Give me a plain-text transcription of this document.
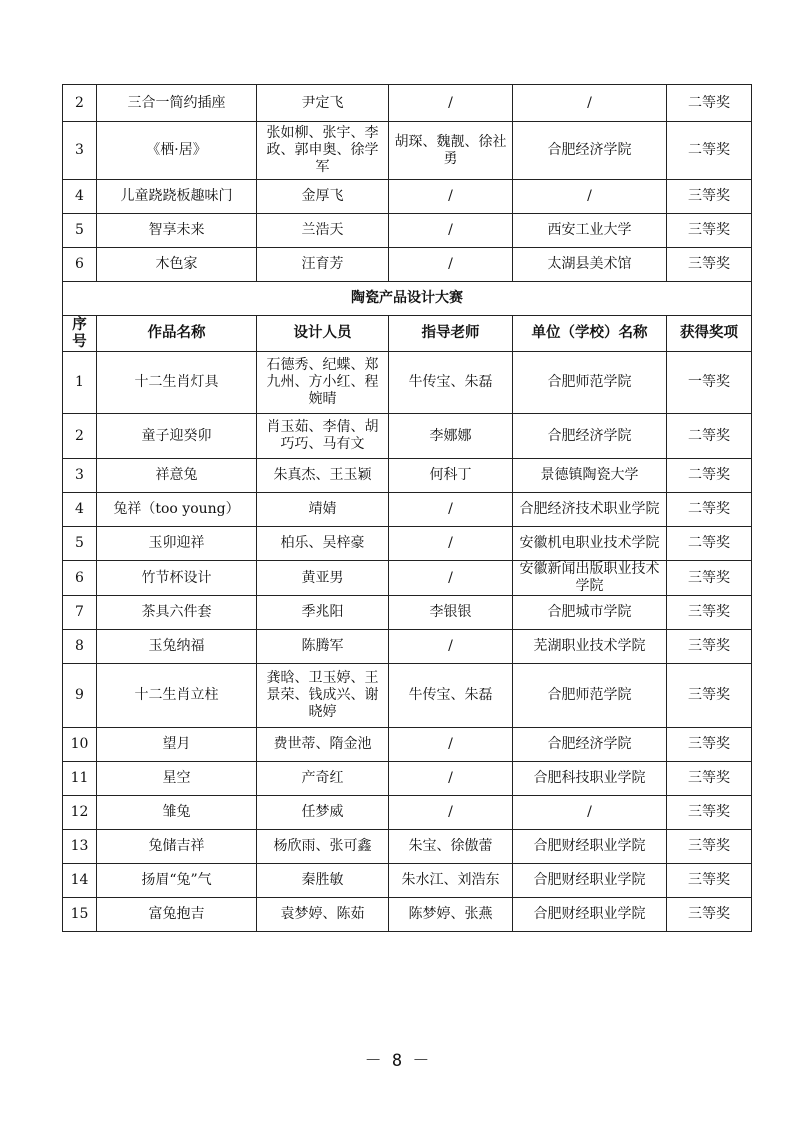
2	三合一简约插座	尹定飞	/	/	二等奖
3	《栖·居》	张如柳、张宇、李政、郭申奥、徐学军	胡琛、魏靓、徐社勇	合肥经济学院	二等奖
4	儿童跷跷板趣味门	金厚飞	/	/	三等奖
5	智享未来	兰浩天	/	西安工业大学	三等奖
6	木色家	汪育芳	/	太湖县美术馆	三等奖
陶瓷产品设计大赛					
序号	作品名称	设计人员	指导老师	单位（学校）名称	获得奖项
1	十二生肖灯具	石德秀、纪蝶、郑九州、方小红、程婉晴	牛传宝、朱磊	合肥师范学院	一等奖
2	童子迎癸卯	肖玉茹、李倩、胡巧巧、马有文	李娜娜	合肥经济学院	二等奖
3	祥意兔	朱真杰、王玉颖	何科丁	景德镇陶瓷大学	二等奖
4	兔祥（too young）	靖婧	/	合肥经济技术职业学院	二等奖
5	玉卯迎祥	柏乐、吴梓豪	/	安徽机电职业技术学院	二等奖
6	竹节杯设计	黄亚男	/	安徽新闻出版职业技术学院	三等奖
7	茶具六件套	季兆阳	李银银	合肥城市学院	三等奖
8	玉兔纳福	陈腾军	/	芜湖职业技术学院	三等奖
9	十二生肖立柱	龚晗、卫玉婷、王景荣、钱成兴、谢晓婷	牛传宝、朱磊	合肥师范学院	三等奖
10	望月	费世蒂、隋金池	/	合肥经济学院	三等奖
11	星空	产奇红	/	合肥科技职业学院	三等奖
12	雏兔	任梦威	/	/	三等奖
13	兔储吉祥	杨欣雨、张可鑫	朱宝、徐傲蕾	合肥财经职业学院	三等奖
14	扬眉“兔”气	秦胜敏	朱水江、刘浩东	合肥财经职业学院	三等奖
15	富兔抱吉	袁梦婷、陈茹	陈梦婷、张燕	合肥财经职业学院	三等奖
－ 8 －
